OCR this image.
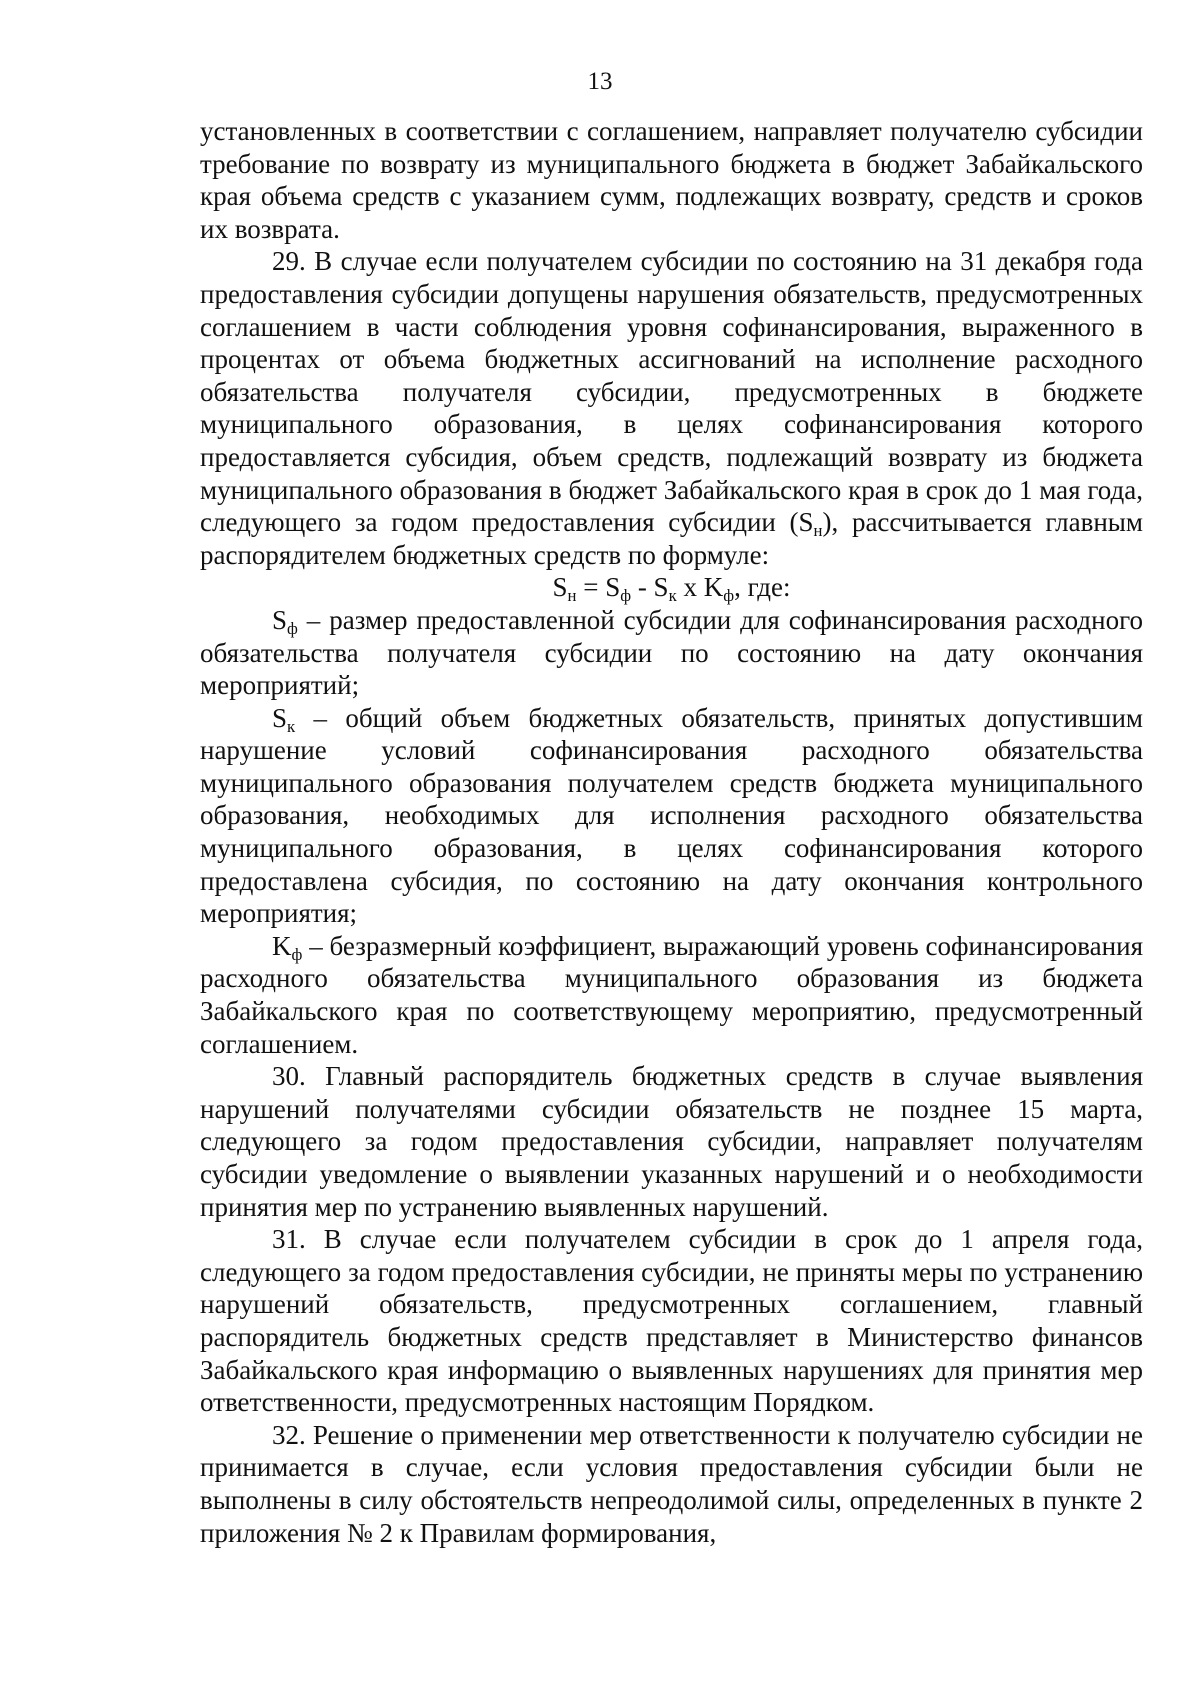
13

установленных в соответствии с соглашением, направляет получателю субсидии требование по возврату из муниципального бюджета в бюджет Забайкальского края объема средств с указанием сумм, подлежащих возврату, средств и сроков их возврата.

29. В случае если получателем субсидии по состоянию на 31 декабря года предоставления субсидии допущены нарушения обязательств, предусмотренных соглашением в части соблюдения уровня софинансирования, выраженного в процентах от объема бюджетных ассигнований на исполнение расходного обязательства получателя субсидии, предусмотренных в бюджете муниципального образования, в целях софинансирования которого предоставляется субсидия, объем средств, подлежащий возврату из бюджета муниципального образования в бюджет Забайкальского края в срок до 1 мая года, следующего за годом предоставления субсидии $(S_н)$, рассчитывается главным распорядителем бюджетных средств по формуле:

$S_н = S_ф - S_к$ x $K_ф$, где:

$S_ф$ – размер предоставленной субсидии для софинансирования расходного обязательства получателя субсидии по состоянию на дату окончания мероприятий;

$S_к$ – общий объем бюджетных обязательств, принятых допустившим нарушение условий софинансирования расходного обязательства муниципального образования получателем средств бюджета муниципального образования, необходимых для исполнения расходного обязательства муниципального образования, в целях софинансирования которого предоставлена субсидия, по состоянию на дату окончания контрольного мероприятия;

$K_ф$ – безразмерный коэффициент, выражающий уровень софинансирования расходного обязательства муниципального образования из бюджета Забайкальского края по соответствующему мероприятию, предусмотренный соглашением.

30. Главный распорядитель бюджетных средств в случае выявления нарушений получателями субсидии обязательств не позднее 15 марта, следующего за годом предоставления субсидии, направляет получателям субсидии уведомление о выявлении указанных нарушений и о необходимости принятия мер по устранению выявленных нарушений.

31. В случае если получателем субсидии в срок до 1 апреля года, следующего за годом предоставления субсидии, не приняты меры по устранению нарушений обязательств, предусмотренных соглашением, главный распорядитель бюджетных средств представляет в Министерство финансов Забайкальского края информацию о выявленных нарушениях для принятия мер ответственности, предусмотренных настоящим Порядком.

32. Решение о применении мер ответственности к получателю субсидии не принимается в случае, если условия предоставления субсидии были не выполнены в силу обстоятельств непреодолимой силы, определенных в пункте 2 приложения № 2 к Правилам формирования,
